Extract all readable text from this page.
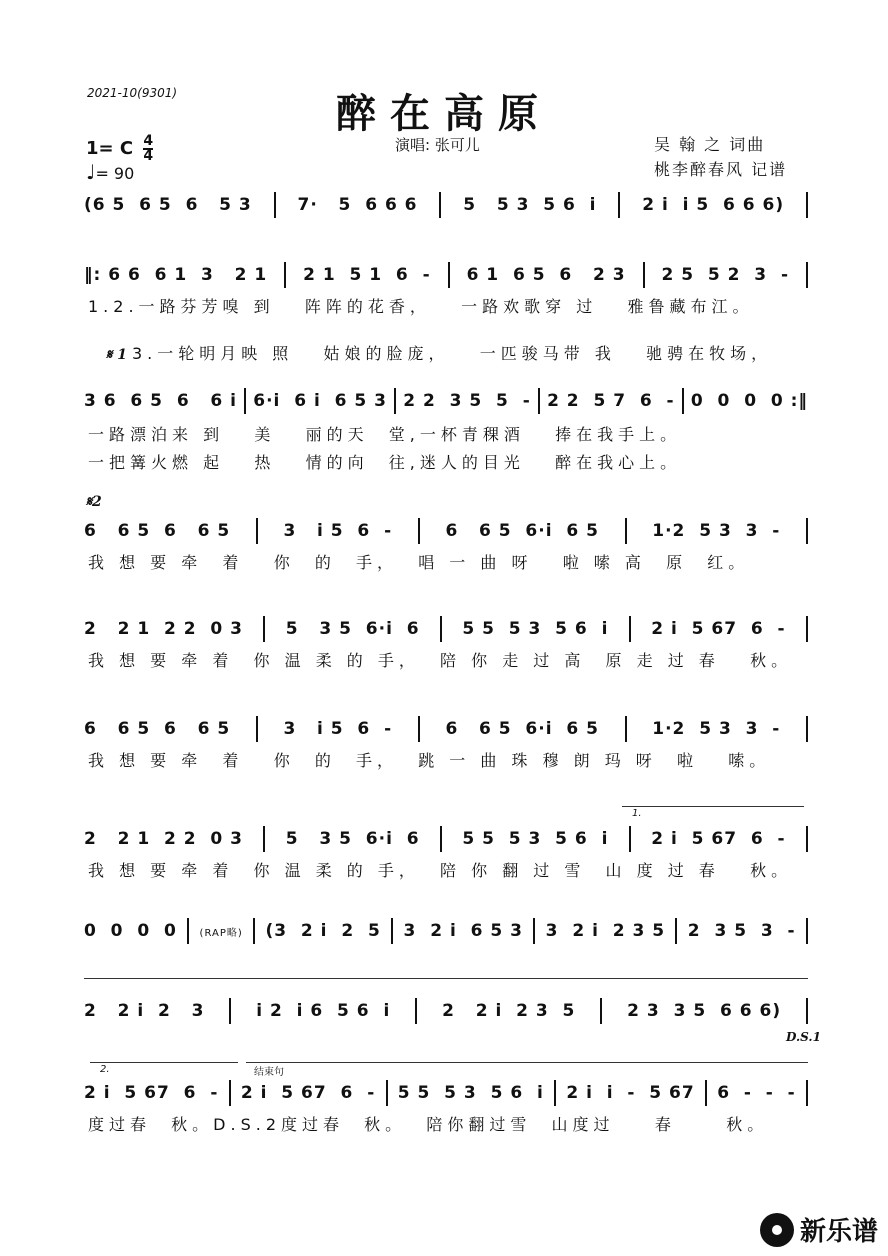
2021-10(9301)	醉在高原
演唱: 张可儿	吴 翰 之 词曲
桃李醉春风 记谱
1= C $\frac{4}{4}$
♩= 90
(6 5  6 5  6   5 3	7·   5  6 6 6	5   5 3  5 6  i	2 i  i 5  6 6 6)
‖: 6 6  6 1  3   2 1 2 1  5 1  6  - 6 1  6 5  6   2 3 2 5  5 2  3  -
1.2.一路芬芳嗅 到   阵阵的花香，   一路欢歌穿 过   雅鲁藏布江。

𝄋13.一轮明月映 照   姑娘的脸庞，   一匹骏马带 我   驰骋在牧场，

3 6  6 5  6   6 i 6·i  6 i  6 5 3 2 2  3 5  5  - 2 2  5 7  6  - 0  0  0  0 :‖
一路漂泊来 到   美   丽的天  堂,一杯青稞酒   捧在我手上。
一把篝火燃 起   热   情的向  往,迷人的目光   醉在我心上。
𝄋2
6   6 5  6   6 5	3   i 5  6  -	6   6 5  6·i  6 5	1·2  5 3  3  -
我 想 要 牵  着   你  的  手，  唱 一 曲 呀   啦 嗦 高  原  红。
2   2 1  2 2  0 3	5   3 5  6·i  6	5 5  5 3  5 6  i	2 i  5 67  6  -
我 想 要 牵 着  你 温 柔 的 手，  陪 你 走 过 高  原 走 过 春   秋。
6   6 5  6   6 5	3   i 5  6  -	6   6 5  6·i  6 5	1·2  5 3  3  -
我 想 要 牵  着   你  的  手，  跳 一 曲 珠 穆 朗 玛 呀  啦   嗦。
1.
2   2 1  2 2  0 3	5   3 5  6·i  6	5 5  5 3  5 6  i	2 i  5 67  6  -
我 想 要 牵 着  你 温 柔 的 手，  陪 你 翻 过 雪  山 度 过 春   秋。
0  0  0  0 (RAP略) (3  2 i  2  5 3  2 i  6 5 3 3  2 i  2 3 5 2  3 5  3  -
2   2 i  2   3	i 2  i 6  5 6  i	2   2 i  2 3  5	2 3  3 5  6 6 6)
D.S.1
2.	结束句
2 i  5 67  6  - 2 i  5 67  6  - 5 5  5 3  5 6  i 2 i  i  -  5 67 6  -  -  -
度过春  秋。D.S.2度过春  秋。  陪你翻过雪  山度过    春     秋。
新乐谱
